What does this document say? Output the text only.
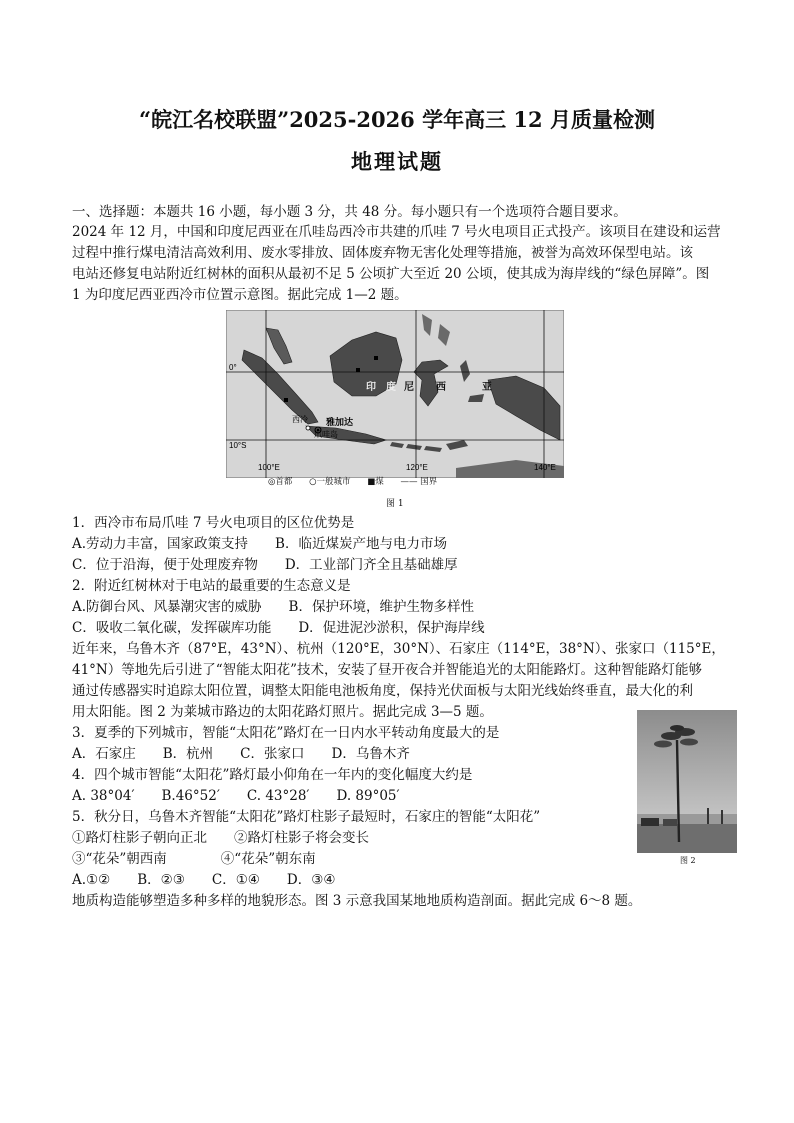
“皖江名校联盟”2025-2026 学年高三 12 月质量检测
地理试题
一、选择题：本题共 16 小题，每小题 3 分，共 48 分。每小题只有一个选项符合题目要求。
2024 年 12 月，中国和印度尼西亚在爪哇岛西冷市共建的爪哇 7 号火电项目正式投产。该项目在建设和运营
过程中推行煤电清洁高效利用、废水零排放、固体废弃物无害化处理等措施，被誉为高效环保型电站。该
电站还修复电站附近红树林的面积从最初不足 5 公顷扩大至近 20 公顷，使其成为海岸线的“绿色屏障”。图
1 为印度尼西亚西冷市位置示意图。据此完成 1—2 题。
0°
10°S
100°E	120°E	140°E
雅加达
西冷
爪哇岛
印 度 尼 西	亚
◎首都 ○一般城市 ■煤 —— 国界
图 1
1．西冷市布局爪哇 7 号火电项目的区位优势是
A.劳动力丰富，国家政策支持　　B．临近煤炭产地与电力市场
C．位于沿海，便于处理废弃物　　D．工业部门齐全且基础雄厚
2．附近红树林对于电站的最重要的生态意义是
A.防御台风、风暴潮灾害的威胁　　B．保护环境，维护生物多样性
C．吸收二氧化碳，发挥碳库功能　　D．促进泥沙淤积，保护海岸线
近年来，乌鲁木齐（87°E，43°N）、杭州（120°E，30°N）、石家庄（114°E，38°N）、张家口（115°E，
41°N）等地先后引进了“智能太阳花”技术，安装了昼开夜合并智能追光的太阳能路灯。这种智能路灯能够
通过传感器实时追踪太阳位置，调整太阳能电池板角度，保持光伏面板与太阳光线始终垂直，最大化的利
用太阳能。图 2 为莱城市路边的太阳花路灯照片。据此完成 3—5 题。
图 2
3．夏季的下列城市，智能“太阳花”路灯在一日内水平转动角度最大的是
A．石家庄　　B．杭州　　C．张家口　　D．乌鲁木齐
4．四个城市智能“太阳花”路灯最小仰角在一年内的变化幅度大约是
A. 38°04′　　B.46°52′　　C. 43°28′　　D. 89°05′
5．秋分日，乌鲁木齐智能“太阳花”路灯柱影子最短时，石家庄的智能“太阳花”
①路灯柱影子朝向正北　　②路灯柱影子将会变长
③“花朵”朝西南　　　　④“花朵”朝东南
A.①②　　B．②③　　C．①④　　D．③④
地质构造能够塑造多种多样的地貌形态。图 3 示意我国某地地质构造剖面。据此完成 6～8 题。
